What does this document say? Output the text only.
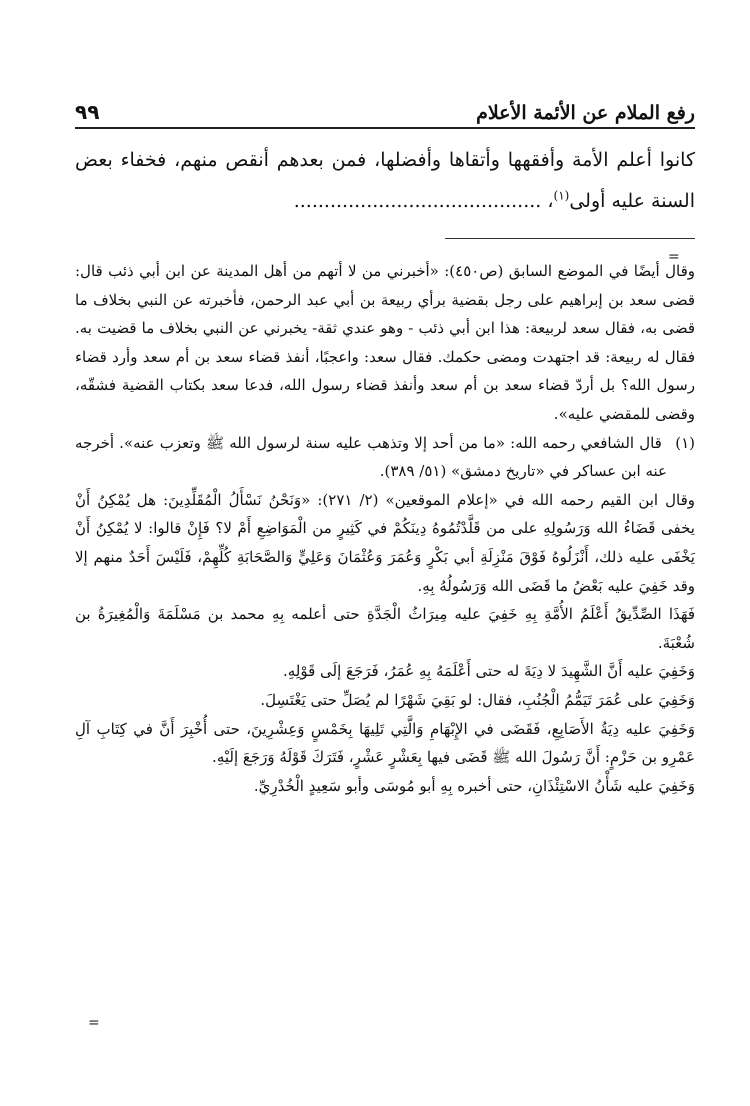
رفع الملام عن الأئمة الأعلام
٩٩

كانوا أعلم الأمة وأفقهها وأتقاها وأفضلها، فمن بعدهم أنقص منهم، فخفاء بعض السنة عليه أولى$^{(١)}$، .........................................

=

وقال أيضًا في الموضع السابق (ص٤٥٠): «أخبرني من لا أتهم من أهل المدينة عن ابن أبي ذئب قال: قضى سعد بن إبراهيم على رجل بقضية برأي ربيعة بن أبي عبد الرحمن، فأخبرته عن النبي بخلاف ما قضى به، فقال سعد لربيعة: هذا ابن أبي ذئب - وهو عندي ثقة- يخبرني عن النبي بخلاف ما قضيت به. فقال له ربيعة: قد اجتهدت ومضى حكمك. فقال سعد: واعجبًا، أنفذ قضاء سعد بن أم سعد وأرد قضاء رسول الله؟ بل أردّ قضاء سعد بن أم سعد وأنفذ قضاء رسول الله، فدعا سعد بكتاب القضية فشقّه، وقضى للمقضي عليه».

(١) قال الشافعي رحمه الله: «ما من أحد إلا وتذهب عليه سنة لرسول الله ﷺ وتعزب عنه». أخرجه عنه ابن عساكر في «تاريخ دمشق» (٥١/ ٣٨٩).

وقال ابن القيم رحمه الله في «إعلام الموقعين» (٢/ ٢٧١): «وَنَحْنُ نَسْأَلُ الْمُقَلِّدِينَ: هل يُمْكِنُ أَنْ يخفى قَضَاءُ الله وَرَسُولِهِ على من قَلَّدْتُمُوهُ دِينَكُمْ في كَثِيرٍ من الْمَوَاضِعِ أَمْ لا؟ فَإِنْ قالوا: لا يُمْكِنُ أَنْ يَخْفَى عليه ذلك، أَنْزَلُوهُ فَوْقَ مَنْزِلَةِ أبي بَكْرٍ وَعُمَرَ وَعُثْمَانَ وَعَلِيٍّ وَالصَّحَابَةِ كُلِّهِمْ، فَلَيْسَ أَحَدٌ منهم إلا وقد خَفِيَ عليه بَعْضُ ما قَضَى الله وَرَسُولُهُ بِهِ.

فَهَذَا الصِّدِّيقُ أَعْلَمُ الأُمَّةِ بِهِ خَفِيَ عليه مِيرَاثُ الْجَدَّةِ حتى أعلمه بِهِ محمد بن مَسْلَمَةَ وَالْمُغِيرَةُ بن شُعْبَةَ.

وَخَفِيَ عليه أَنَّ الشَّهِيدَ لا دِيَةَ له حتى أَعْلَمَهُ بِهِ عُمَرُ، فَرَجَعَ إلَى قَوْلِهِ.

وَخَفِيَ على عُمَرَ تَيَمُّمُ الْجُنُبِ، فقال: لو بَقِيَ شَهْرًا لم يُصَلِّ حتى يَغْتَسِلَ.

وَخَفِيَ عليه دِيَةُ الأَصَابِعِ، فَقَضَى في الإِبْهَامِ وَالَّتِي تَلِيهَا بِخَمْسٍ وَعِشْرِينَ، حتى أُخْبِرَ أَنَّ في كِتَابِ آلِ عَمْرِو بن حَزْمٍ: أَنَّ رَسُولَ الله ﷺ قَضَى فيها بِعَشْرٍ عَشْرٍ، فَتَرَكَ قَوْلَهُ وَرَجَعَ إلَيْهِ.

وَخَفِيَ عليه شَأْنُ الاسْتِئْذَانِ، حتى أخبره بِهِ أبو مُوسَى وأبو سَعِيدٍ الْخُدْرِيِّ.

=
